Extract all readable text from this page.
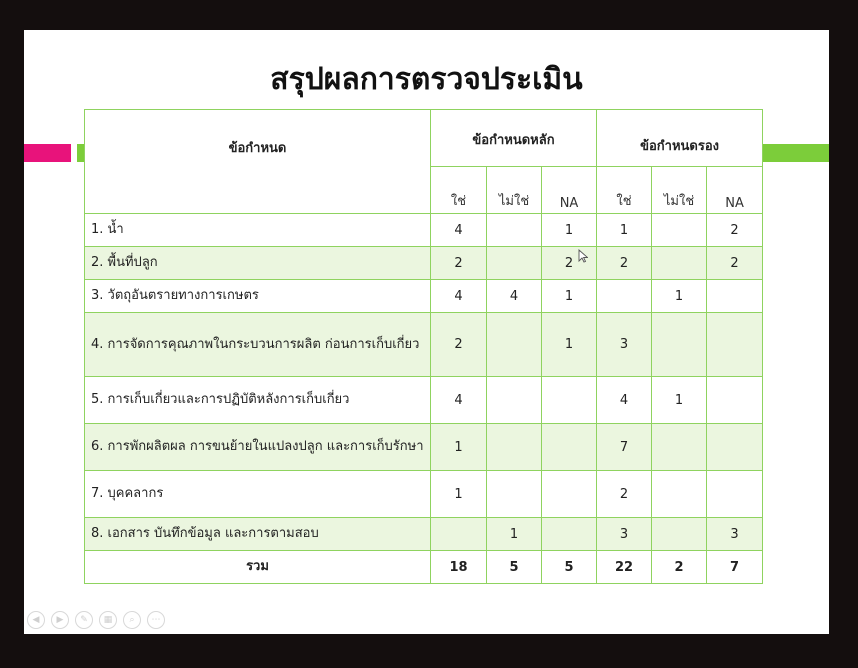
สรุปผลการตรวจประเมิน
ข้อกำหนด	ข้อกำหนดหลัก			ข้อกำหนดรอง		
	ใช่	ไม่ใช่	NA	ใช่	ไม่ใช่	NA
1. น้ำ	4		1	1		2
2. พื้นที่ปลูก	2		2	2		2
3. วัตถุอันตรายทางการเกษตร	4	4	1		1	
4. การจัดการคุณภาพในกระบวนการผลิต ก่อนการเก็บเกี่ยว	2		1	3		
5. การเก็บเกี่ยวและการปฏิบัติหลังการเก็บเกี่ยว	4			4	1	
6. การพักผลิตผล การขนย้ายในแปลงปลูก และการเก็บรักษา	1			7		
7. บุคคลากร	1			2		
8. เอกสาร บันทึกข้อมูล และการตามสอบ		1		3		3
รวม	18	5	5	22	2	7
◀	▶	✎	▦	⌕	⋯
